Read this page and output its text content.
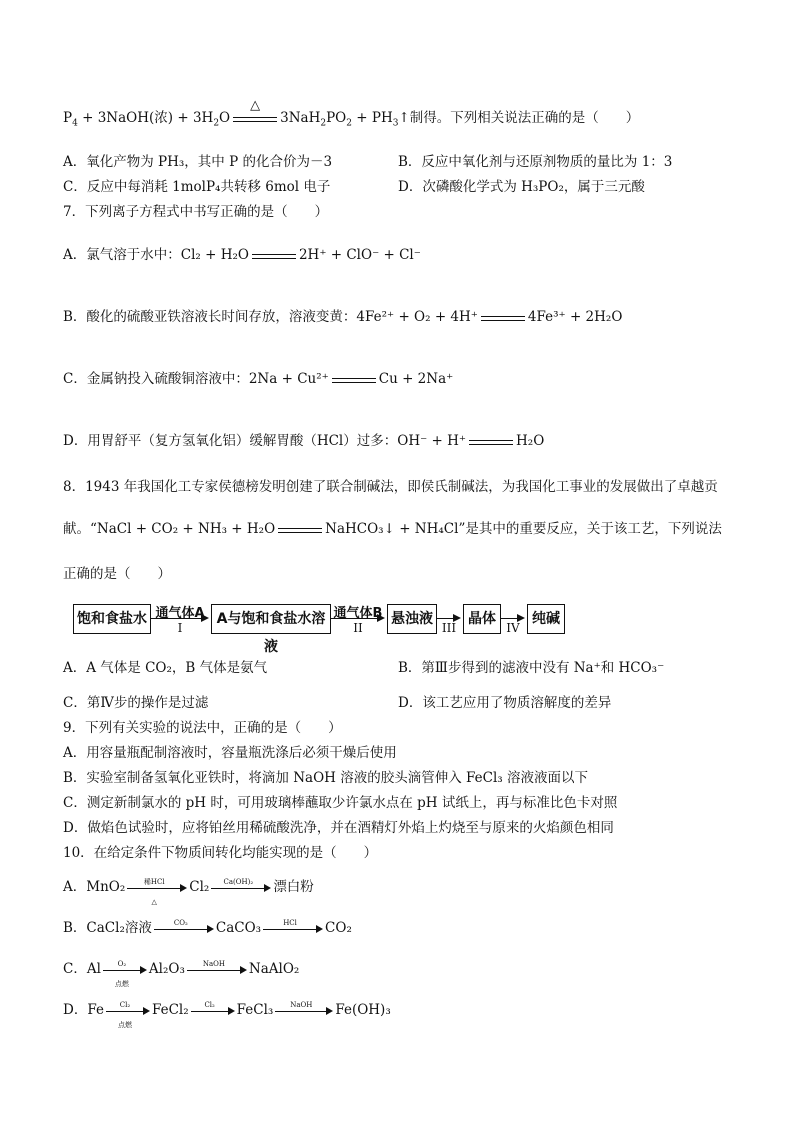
$P_4$ + 3NaOH(浓) + $3H_2O$
△
$3NaH_2PO_2$ + $PH_3↑$制得。下列相关说法正确的是（　　）
A．氧化产物为 PH₃，其中 P 的化合价为－3	B．反应中氧化剂与还原剂物质的量比为 1：3
C．反应中每消耗 1molP₄共转移 6mol 电子	D．次磷酸化学式为 H₃PO₂，属于三元酸
7．下列离子方程式中书写正确的是（　　）
A．氯气溶于水中：Cl₂ + H₂O	2H⁺ + ClO⁻ + Cl⁻
B．酸化的硫酸亚铁溶液长时间存放，溶液变黄：4Fe²⁺ + O₂ + 4H⁺	4Fe³⁺ + 2H₂O
C．金属钠投入硫酸铜溶液中：2Na + Cu²⁺	Cu + 2Na⁺
D．用胃舒平（复方氢氧化铝）缓解胃酸（HCl）过多：OH⁻ + H⁺	H₂O
8．1943 年我国化工专家侯德榜发明创建了联合制碱法，即侯氏制碱法，为我国化工事业的发展做出了卓越贡
献。“NaCl + CO₂ + NH₃ + H₂O	NaHCO₃↓ + NH₄Cl”是其中的重要反应，关于该工艺，下列说法
正确的是（　　）
饱和食盐水 通气体A
I
A与饱和食盐水溶液
通气体B
II
悬浊液
III
晶体
IV
纯碱
A．A 气体是 CO₂，B 气体是氨气	B．第Ⅲ步得到的滤液中没有 Na⁺和 HCO₃⁻
C．第Ⅳ步的操作是过滤	D．该工艺应用了物质溶解度的差异
9．下列有关实验的说法中，正确的是（　　）
A．用容量瓶配制溶液时，容量瓶洗涤后必须干燥后使用
B．实验室制备氢氧化亚铁时，将滴加 NaOH 溶液的胶头滴管伸入 FeCl₃ 溶液液面以下
C．测定新制氯水的 pH 时，可用玻璃棒蘸取少许氯水点在 pH 试纸上，再与标准比色卡对照
D．做焰色试验时，应将铂丝用稀硫酸洗净，并在酒精灯外焰上灼烧至与原来的火焰颜色相同
10．在给定条件下物质间转化均能实现的是（　　）
A．MnO₂	稀HCl
△
Cl₂	Ca(OH)₂	漂白粉
B．CaCl₂溶液	CO₂	CaCO₃	HCl	CO₂
C．Al	O₂
点燃
Al₂O₃	NaOH	NaAlO₂
D．Fe	Cl₂
点燃
FeCl₂	Cl₂	FeCl₃	NaOH	Fe(OH)₃
